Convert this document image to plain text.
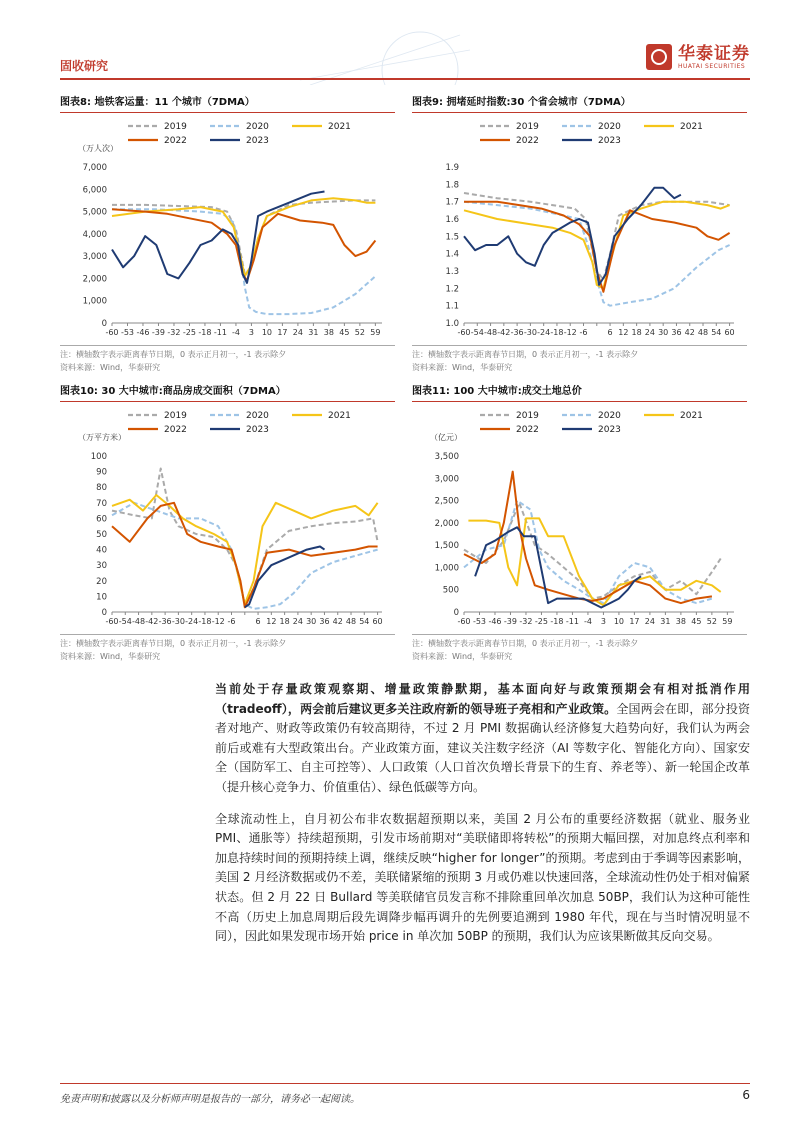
固收研究
华泰证券
HUATAI SECURITIES
图表8: 地铁客运量：11 个城市（7DMA）
（万人次）
2019	2020	2021
2022	2023
0
1,000
2,000
3,000
4,000
5,000
6,000
7,000
-60 -53 -46 -39 -32 -25 -18 -11 -4 3 10 17 24 31 38 45 52 59
注：横轴数字表示距离春节日期，0 表示正月初一，-1 表示除夕
资料来源：Wind，华泰研究
图表9: 拥堵延时指数:30 个省会城市（7DMA）
2019	2020	2021
2022	2023
1.0
1.1
1.2
1.3
1.4
1.5
1.6
1.7
1.8
1.9
-60 -54 -48 -42 -36 -30 -24 -18 -12 -6	6 12 18 24 30 36 42 48 54 60
注：横轴数字表示距离春节日期，0 表示正月初一，-1 表示除夕
资料来源：Wind，华泰研究
图表10: 30 大中城市:商品房成交面积（7DMA）
（万平方米）
2019	2020	2021
2022	2023
0
10
20
30
40
50
60
70
80
90
100
-60 -54 -48 -42 -36 -30 -24 -18 -12 -6	6 12 18 24 30 36 42 48 54 60
注：横轴数字表示距离春节日期，0 表示正月初一，-1 表示除夕
资料来源：Wind，华泰研究
图表11: 100 大中城市:成交土地总价
（亿元）
2019	2020	2021
2022	2023
0
500
1,000
1,500
2,000
2,500
3,000
3,500
-60 -53 -46 -39 -32 -25 -18 -11 -4 3 10 17 24 31 38 45 52 59
注：横轴数字表示距离春节日期，0 表示正月初一，-1 表示除夕
资料来源：Wind，华泰研究

当前处于存量政策观察期、增量政策静默期，基本面向好与政策预期会有相对抵消作用（tradeoff），两会前后建议更多关注政府新的领导班子亮相和产业政策。全国两会在即，部分投资者对地产、财政等政策仍有较高期待，不过 2 月 PMI 数据确认经济修复大趋势向好，我们认为两会前后或难有大型政策出台。产业政策方面，建议关注数字经济（AI 等数字化、智能化方向）、国家安全（国防军工、自主可控等）、人口政策（人口首次负增长背景下的生育、养老等）、新一轮国企改革（提升核心竞争力、价值重估）、绿色低碳等方向。

全球流动性上，自月初公布非农数据超预期以来，美国 2 月公布的重要经济数据（就业、服务业 PMI、通胀等）持续超预期，引发市场前期对“美联储即将转松”的预期大幅回摆，对加息终点利率和加息持续时间的预期持续上调，继续反映“higher for longer”的预期。考虑到由于季调等因素影响，美国 2 月经济数据或仍不差，美联储紧缩的预期 3 月或仍难以快速回落，全球流动性仍处于相对偏紧状态。但 2 月 22 日 Bullard 等美联储官员发言称不排除重回单次加息 50BP，我们认为这种可能性不高（历史上加息周期后段先调降步幅再调升的先例要追溯到 1980 年代，现在与当时情况明显不同），因此如果发现市场开始 price in 单次加 50BP 的预期，我们认为应该果断做其反向交易。

免责声明和披露以及分析师声明是报告的一部分，请务必一起阅读。	6
